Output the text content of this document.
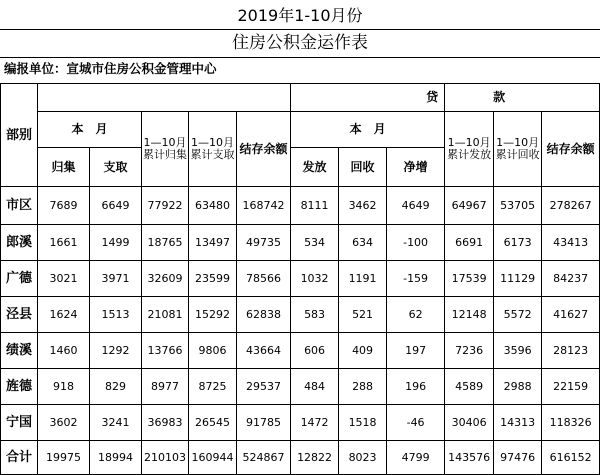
2019年1-10月份
住房公积金运作表
编报单位：宣城市住房公积金管理中心
部别						贷			款		
	本　月		1—10月累计归集	1—10月累计支取	结存余额	本　月			1—10月累计发放	1—10月累计回收	结存余额
	归集	支取				发放	回收	净增			
市区	7689	6649	77922	63480	168742	8111	3462	4649	64967	53705	278267
郎溪	1661	1499	18765	13497	49735	534	634	-100	6691	6173	43413
广德	3021	3971	32609	23599	78566	1032	1191	-159	17539	11129	84237
泾县	1624	1513	21081	15292	62838	583	521	62	12148	5572	41627
绩溪	1460	1292	13766	9806	43664	606	409	197	7236	3596	28123
旌德	918	829	8977	8725	29537	484	288	196	4589	2988	22159
宁国	3602	3241	36983	26545	91785	1472	1518	-46	30406	14313	118326
合计	19975	18994	210103	160944	524867	12822	8023	4799	143576	97476	616152
